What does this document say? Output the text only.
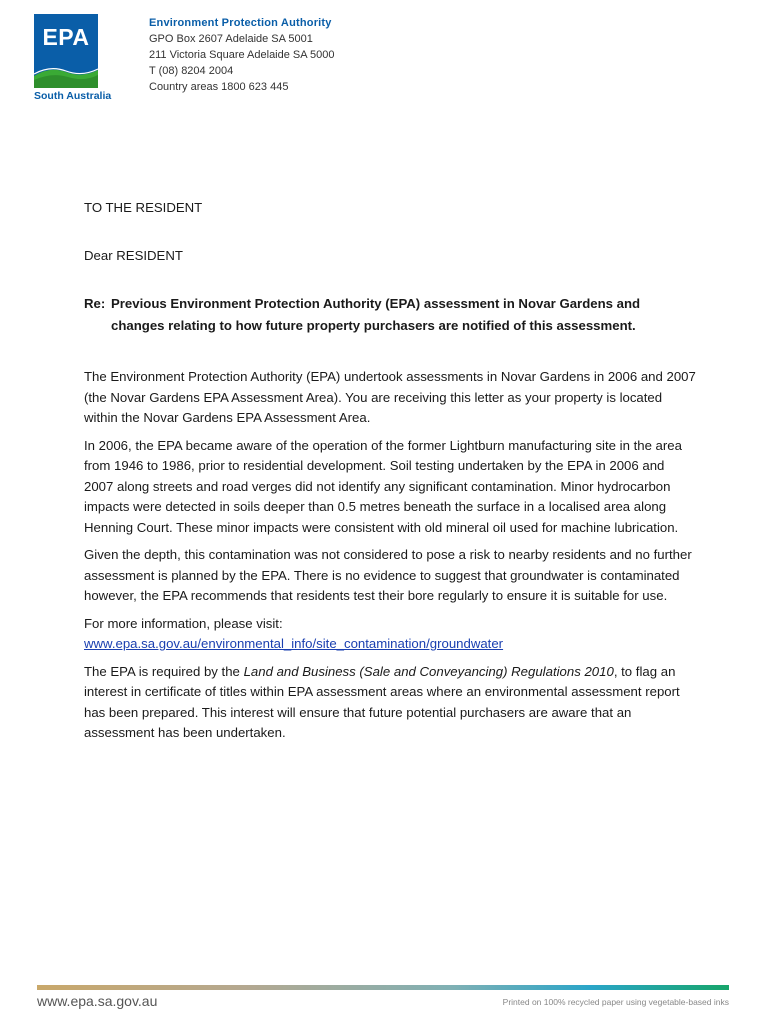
EPA
South Australia
Environment Protection Authority
GPO Box 2607 Adelaide SA 5001
211 Victoria Square Adelaide SA 5000
T (08) 8204 2004
Country areas 1800 623 445

TO THE RESIDENT

Dear RESIDENT

Re: Previous Environment Protection Authority (EPA) assessment in Novar Gardens and changes relating to how future property purchasers are notified of this assessment.

The Environment Protection Authority (EPA) undertook assessments in Novar Gardens in 2006 and 2007 (the Novar Gardens EPA Assessment Area). You are receiving this letter as your property is located within the Novar Gardens EPA Assessment Area.

In 2006, the EPA became aware of the operation of the former Lightburn manufacturing site in the area from 1946 to 1986, prior to residential development. Soil testing undertaken by the EPA in 2006 and 2007 along streets and road verges did not identify any significant contamination. Minor hydrocarbon impacts were detected in soils deeper than 0.5 metres beneath the surface in a localised area along Henning Court. These minor impacts were consistent with old mineral oil used for machine lubrication.

Given the depth, this contamination was not considered to pose a risk to nearby residents and no further assessment is planned by the EPA. There is no evidence to suggest that groundwater is contaminated however, the EPA recommends that residents test their bore regularly to ensure it is suitable for use.

For more information, please visit:
www.epa.sa.gov.au/environmental_info/site_contamination/groundwater

The EPA is required by the Land and Business (Sale and Conveyancing) Regulations 2010, to flag an interest in certificate of titles within EPA assessment areas where an environmental assessment report has been prepared. This interest will ensure that future potential purchasers are aware that an assessment has been undertaken.

www.epa.sa.gov.au	Printed on 100% recycled paper using vegetable-based inks
